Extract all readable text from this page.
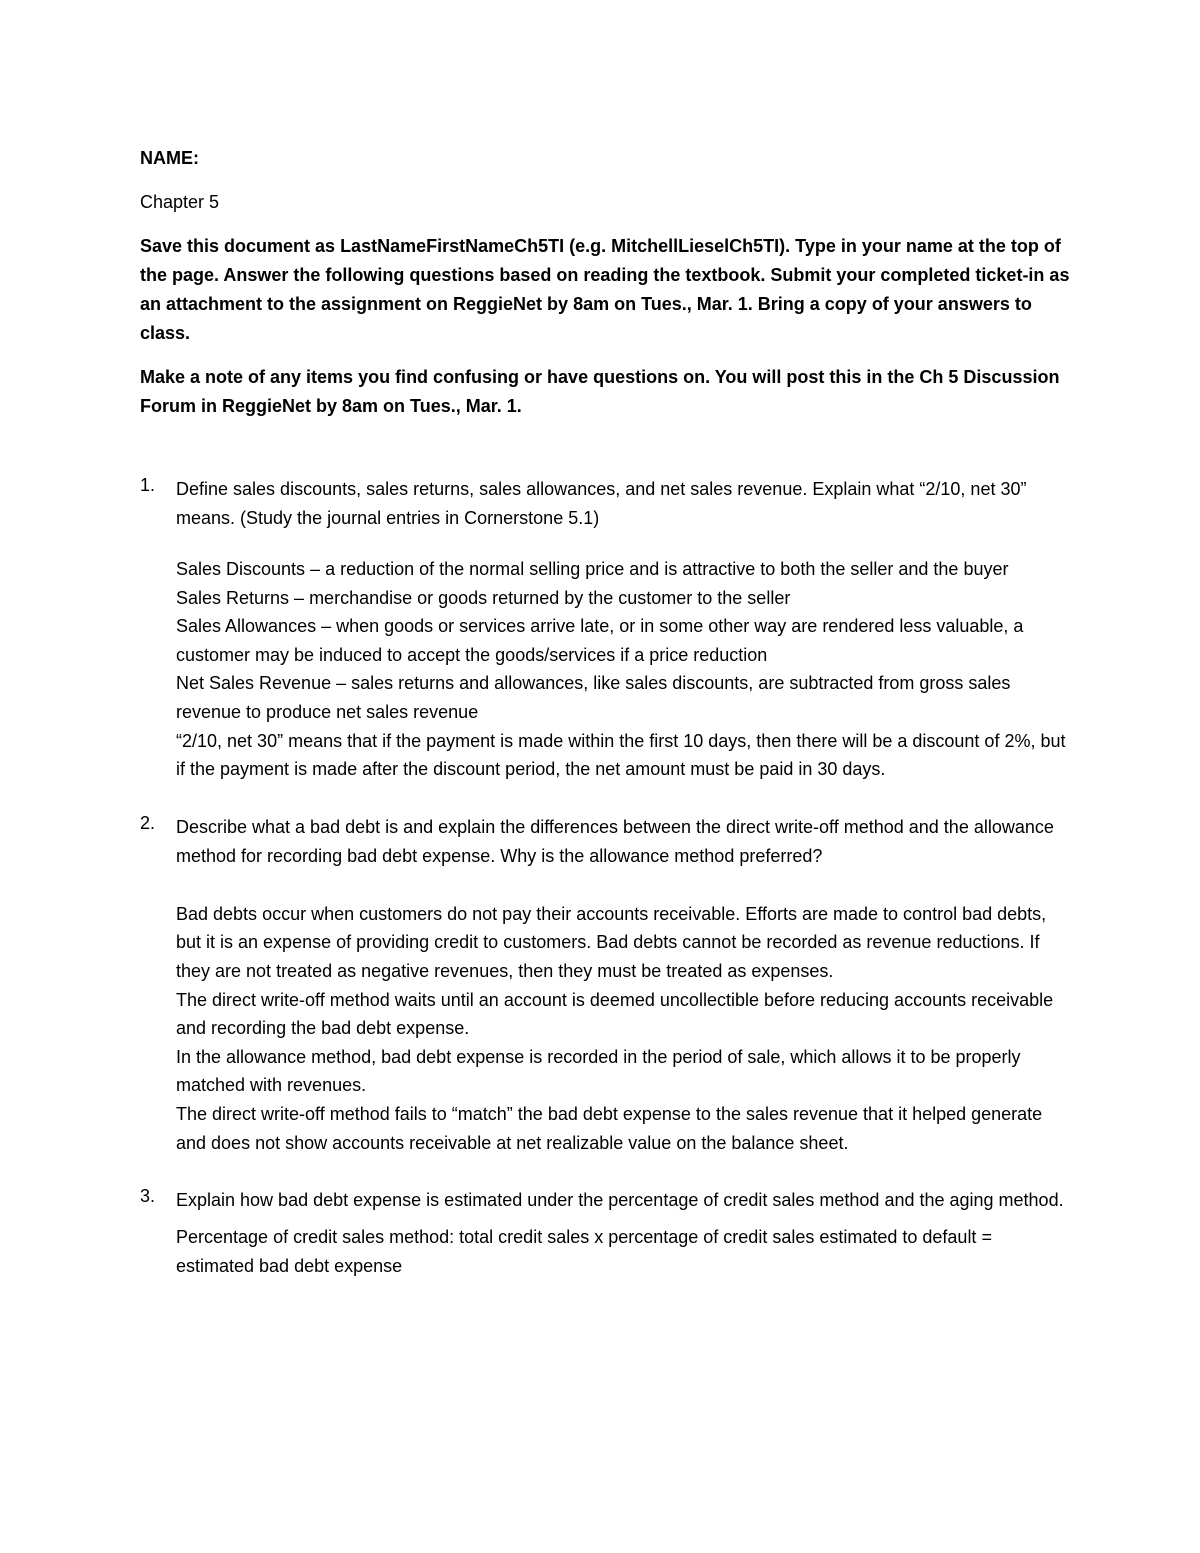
NAME:

Chapter 5

Save this document as LastNameFirstNameCh5TI (e.g. MitchellLieselCh5TI). Type in your name at the top of the page. Answer the following questions based on reading the textbook. Submit your completed ticket-in as an attachment to the assignment on ReggieNet by 8am on Tues., Mar. 1. Bring a copy of your answers to class.

Make a note of any items you find confusing or have questions on. You will post this in the Ch 5 Discussion Forum in ReggieNet by 8am on Tues., Mar. 1.

1. Define sales discounts, sales returns, sales allowances, and net sales revenue. Explain what “2/10, net 30” means. (Study the journal entries in Cornerstone 5.1)

Sales Discounts – a reduction of the normal selling price and is attractive to both the seller and the buyer

Sales Returns – merchandise or goods returned by the customer to the seller

Sales Allowances – when goods or services arrive late, or in some other way are rendered less valuable, a customer may be induced to accept the goods/services if a price reduction

Net Sales Revenue – sales returns and allowances, like sales discounts, are subtracted from gross sales revenue to produce net sales revenue

“2/10, net 30” means that if the payment is made within the first 10 days, then there will be a discount of 2%, but if the payment is made after the discount period, the net amount must be paid in 30 days.

2. Describe what a bad debt is and explain the differences between the direct write-off method and the allowance method for recording bad debt expense. Why is the allowance method preferred?

Bad debts occur when customers do not pay their accounts receivable. Efforts are made to control bad debts, but it is an expense of providing credit to customers. Bad debts cannot be recorded as revenue reductions. If they are not treated as negative revenues, then they must be treated as expenses.

The direct write-off method waits until an account is deemed uncollectible before reducing accounts receivable and recording the bad debt expense.

In the allowance method, bad debt expense is recorded in the period of sale, which allows it to be properly matched with revenues.

The direct write-off method fails to “match” the bad debt expense to the sales revenue that it helped generate and does not show accounts receivable at net realizable value on the balance sheet.

3. Explain how bad debt expense is estimated under the percentage of credit sales method and the aging method.

Percentage of credit sales method: total credit sales x percentage of credit sales estimated to default = estimated bad debt expense
